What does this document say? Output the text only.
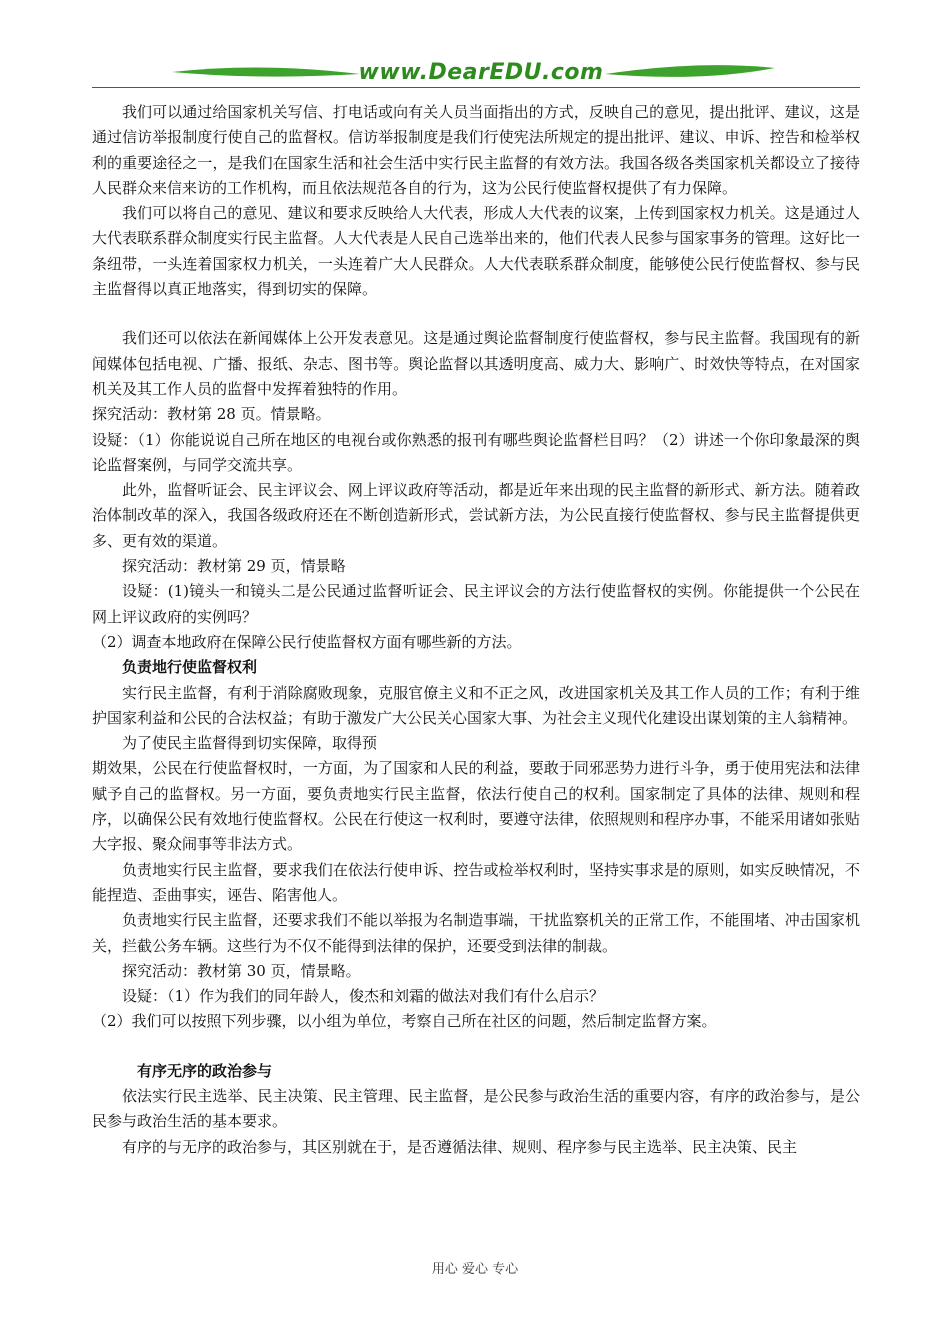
www.DearEDU.com

我们可以通过给国家机关写信、打电话或向有关人员当面指出的方式，反映自己的意见，提出批评、建议，这是通过信访举报制度行使自己的监督权。信访举报制度是我们行使宪法所规定的提出批评、建议、申诉、控告和检举权利的重要途径之一，是我们在国家生活和社会生活中实行民主监督的有效方法。我国各级各类国家机关都设立了接待人民群众来信来访的工作机构，而且依法规范各自的行为，这为公民行使监督权提供了有力保障。

我们可以将自己的意见、建议和要求反映给人大代表，形成人大代表的议案，上传到国家权力机关。这是通过人大代表联系群众制度实行民主监督。人大代表是人民自己选举出来的，他们代表人民参与国家事务的管理。这好比一条纽带，一头连着国家权力机关，一头连着广大人民群众。人大代表联系群众制度，能够使公民行使监督权、参与民主监督得以真正地落实，得到切实的保障。

我们还可以依法在新闻媒体上公开发表意见。这是通过舆论监督制度行使监督权，参与民主监督。我国现有的新闻媒体包括电视、广播、报纸、杂志、图书等。舆论监督以其透明度高、威力大、影响广、时效快等特点，在对国家机关及其工作人员的监督中发挥着独特的作用。

探究活动：教材第 28 页。情景略。

设疑：（1）你能说说自己所在地区的电视台或你熟悉的报刊有哪些舆论监督栏目吗？（2）讲述一个你印象最深的舆论监督案例，与同学交流共享。

此外，监督听证会、民主评议会、网上评议政府等活动，都是近年来出现的民主监督的新形式、新方法。随着政治体制改革的深入，我国各级政府还在不断创造新形式，尝试新方法，为公民直接行使监督权、参与民主监督提供更多、更有效的渠道。

探究活动：教材第 29 页，情景略

设疑：(1)镜头一和镜头二是公民通过监督听证会、民主评议会的方法行使监督权的实例。你能提供一个公民在网上评议政府的实例吗？

（2）调查本地政府在保障公民行使监督权方面有哪些新的方法。

负责地行使监督权利

实行民主监督，有利于消除腐败现象，克服官僚主义和不正之风，改进国家机关及其工作人员的工作；有利于维护国家利益和公民的合法权益；有助于激发广大公民关心国家大事、为社会主义现代化建设出谋划策的主人翁精神。

为了使民主监督得到切实保障，取得预

期效果，公民在行使监督权时，一方面，为了国家和人民的利益，要敢于同邪恶势力进行斗争，勇于使用宪法和法律赋予自己的监督权。另一方面，要负责地实行民主监督，依法行使自己的权利。国家制定了具体的法律、规则和程序，以确保公民有效地行使监督权。公民在行使这一权利时，要遵守法律，依照规则和程序办事，不能采用诸如张贴大字报、聚众闹事等非法方式。

负责地实行民主监督，要求我们在依法行使申诉、控告或检举权利时，坚持实事求是的原则，如实反映情况，不能捏造、歪曲事实，诬告、陷害他人。

负责地实行民主监督，还要求我们不能以举报为名制造事端，干扰监察机关的正常工作，不能围堵、冲击国家机关，拦截公务车辆。这些行为不仅不能得到法律的保护，还要受到法律的制裁。

探究活动：教材第 30 页，情景略。

设疑：（1）作为我们的同年龄人，俊杰和刘霜的做法对我们有什么启示？

（2）我们可以按照下列步骤，以小组为单位，考察自己所在社区的问题，然后制定监督方案。

有序无序的政治参与

依法实行民主选举、民主决策、民主管理、民主监督，是公民参与政治生活的重要内容，有序的政治参与，是公民参与政治生活的基本要求。

有序的与无序的政治参与，其区别就在于，是否遵循法律、规则、程序参与民主选举、民主决策、民主

用心 爱心 专心
